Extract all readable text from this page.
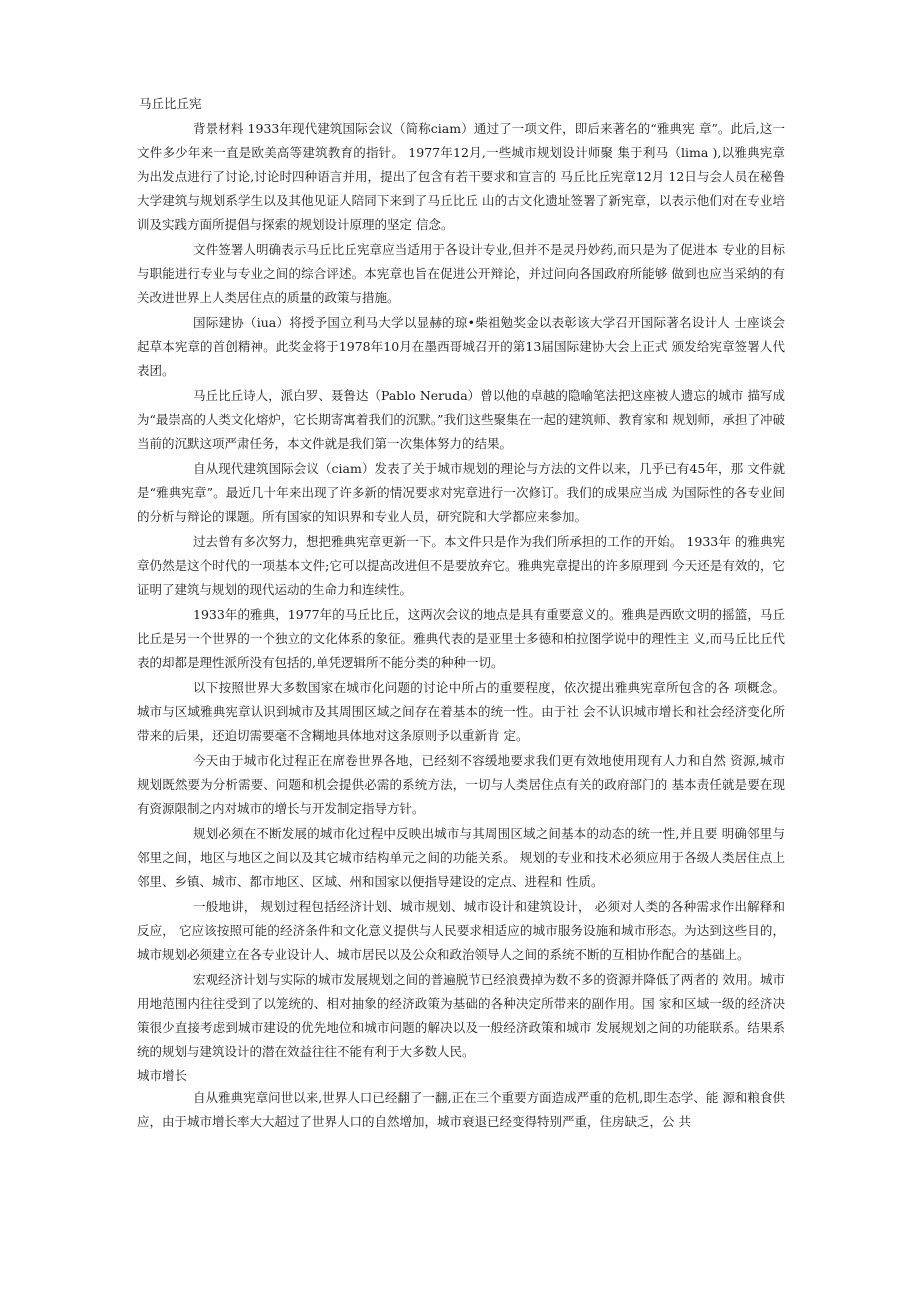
马丘比丘宪

背景材料 1933年现代建筑国际会议（简称ciam）通过了一项文件，即后来著名的“雅典宪 章”。此后,这一文件多少年来一直是欧美高等建筑教育的指针。 1977年12月,一些城市规划设计师聚 集于利马（lima ),以雅典宪章为出发点进行了讨论,讨论时四种语言并用，提出了包含有若干要求和宣言的 马丘比丘宪章12月 12日与会人员在秘鲁大学建筑与规划系学生以及其他见证人陪同下来到了马丘比丘 山的古文化遗址签署了新宪章，以表示他们对在专业培训及实践方面所提倡与探索的规划设计原理的坚定 信念。

文件签署人明确表示马丘比丘宪章应当适用于各设计专业,但并不是灵丹妙药,而只是为了促进本 专业的目标与职能进行专业与专业之间的综合评述。本宪章也旨在促进公开辩论，并过问向各国政府所能够 做到也应当采纳的有关改进世界上人类居住点的质量的政策与措施。

国际建协（iua）将授予国立利马大学以显赫的琼•柴祖勉奖金以表彰该大学召开国际著名设计人 士座谈会起草本宪章的首创精神。此奖金将于1978年10月在墨西哥城召开的第13届国际建协大会上正式 颁发给宪章签署人代表团。

马丘比丘诗人，派白罗、聂鲁达（Pablo Neruda）曾以他的卓越的隐喻笔法把这座被人遗忘的城市 描写成为“最崇高的人类文化熔炉，它长期寄寓着我们的沉默。”我们这些聚集在一起的建筑师、教育家和 规划师，承担了冲破当前的沉默这项严肃任务，本文件就是我们第一次集体努力的结果。

自从现代建筑国际会议（ciam）发表了关于城市规划的理论与方法的文件以来，几乎已有45年，那 文件就是“雅典宪章”。最近几十年来出现了许多新的情况要求对宪章进行一次修订。我们的成果应当成 为国际性的各专业间的分析与辩论的课题。所有国家的知识界和专业人员，研究院和大学都应来参加。

过去曾有多次努力，想把雅典宪章更新一下。本文件只是作为我们所承担的工作的开始。 1933年 的雅典宪章仍然是这个时代的一项基本文件;它可以提高改进但不是要放弃它。雅典宪章提出的许多原理到 今天还是有效的，它证明了建筑与规划的现代运动的生命力和连续性。

1933年的雅典，1977年的马丘比丘，这两次会议的地点是具有重要意义的。雅典是西欧文明的摇篮，马丘比丘是另一个世界的一个独立的文化体系的象征。雅典代表的是亚里士多德和柏拉图学说中的理性主 义,而马丘比丘代表的却都是理性派所没有包括的,单凭逻辑所不能分类的种种一切。

以下按照世界大多数国家在城市化问题的讨论中所占的重要程度，依次提出雅典宪章所包含的各 项概念。 城市与区域雅典宪章认识到城市及其周围区域之间存在着基本的统一性。由于社 会不认识城市增长和社会经济变化所带来的后果，还迫切需要毫不含糊地具体地对这条原则予以重新肯 定。

今天由于城市化过程正在席卷世界各地，已经刻不容缓地要求我们更有效地使用现有人力和自然 资源,城市规划既然要为分析需要、问题和机会提供必需的系统方法，一切与人类居住点有关的政府部门的 基本责任就是要在现有资源限制之内对城市的增长与开发制定指导方针。

规划必须在不断发展的城市化过程中反映出城市与其周围区域之间基本的动态的统一性,并且要 明确邻里与邻里之间，地区与地区之间以及其它城市结构单元之间的功能关系。 规划的专业和技术必须应用于各级人类居住点上邻里、乡镇、城市、都市地区、区域、州和国家以便指导建设的定点、进程和 性质。

一般地讲， 规划过程包括经济计划、城市规划、城市设计和建筑设计， 必须对人类的各种需求作出解释和反应， 它应该按照可能的经济条件和文化意义提供与人民要求相适应的城市服务设施和城市形态。为达到这些目的，城市规划必须建立在各专业设计人、城市居民以及公众和政治领导人之间的系统不断的互相协作配合的基础上。

宏观经济计划与实际的城市发展规划之间的普遍脱节已经浪费掉为数不多的资源并降低了两者的 效用。城市用地范围内往往受到了以笼统的、相对抽象的经济政策为基础的各种决定所带来的副作用。国 家和区域一级的经济决策很少直接考虑到城市建设的优先地位和城市问题的解决以及一般经济政策和城市 发展规划之间的功能联系。结果系统的规划与建筑设计的潜在效益往往不能有利于大多数人民。

城市增长

自从雅典宪章问世以来,世界人口已经翻了一翻,正在三个重要方面造成严重的危机,即生态学、能 源和粮食供应，由于城市增长率大大超过了世界人口的自然增加，城市衰退已经变得特别严重，住房缺乏，公 共
